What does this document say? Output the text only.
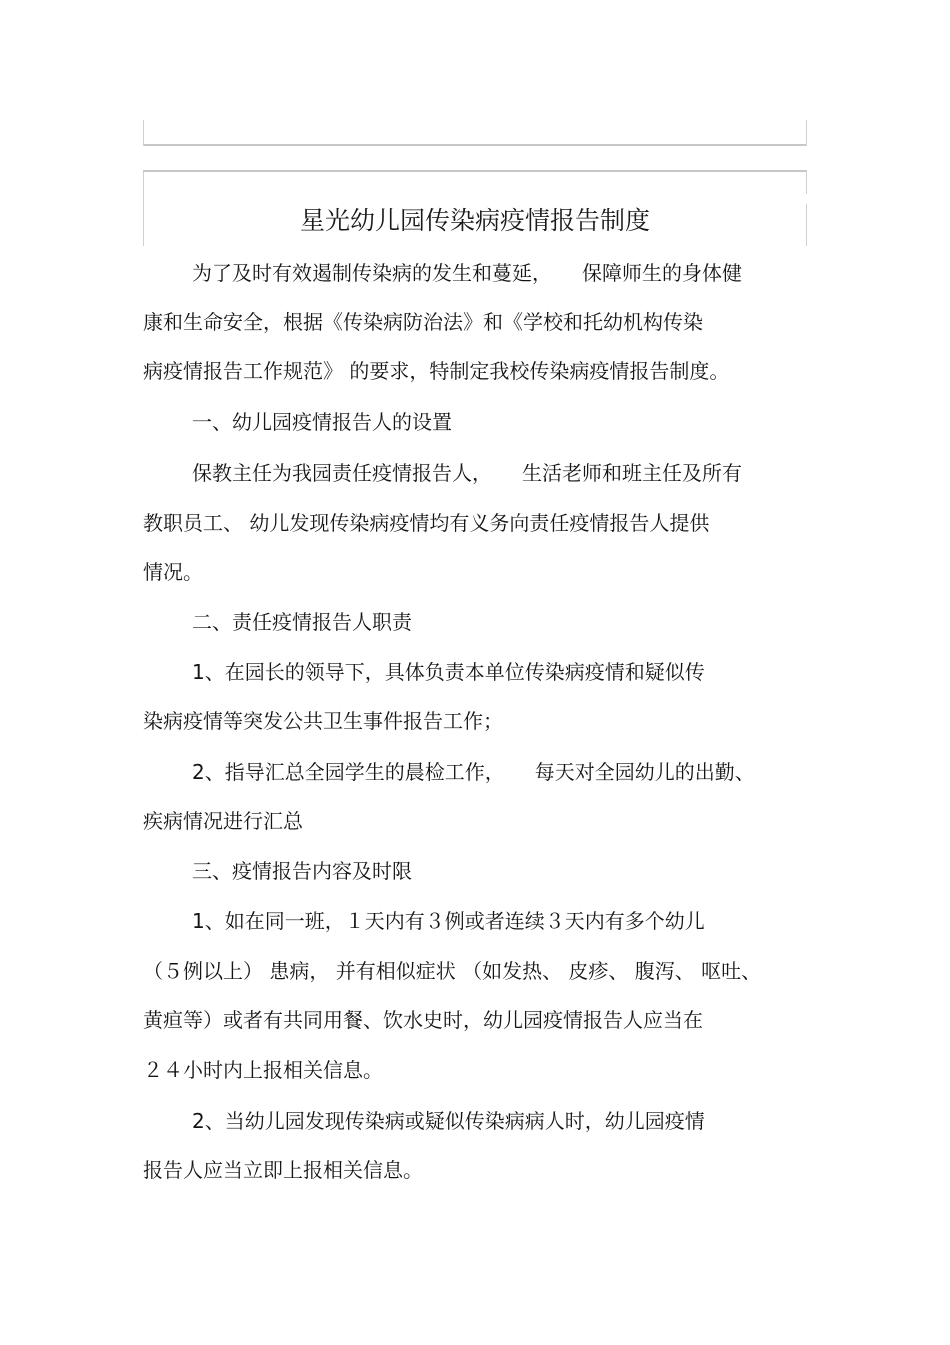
星光幼儿园传染病疫情报告制度
为了及时有效遏制传染病的发生和蔓延，　　保障师生的身体健
康和生命安全，根据《传染病防治法》和《学校和托幼机构传染
病疫情报告工作规范》 的要求，特制定我校传染病疫情报告制度。
一、幼儿园疫情报告人的设置
保教主任为我园责任疫情报告人，　　生活老师和班主任及所有
教职员工、 幼儿发现传染病疫情均有义务向责任疫情报告人提供
情况。
二、责任疫情报告人职责
1、在园长的领导下，具体负责本单位传染病疫情和疑似传
染病疫情等突发公共卫生事件报告工作；
2、指导汇总全园学生的晨检工作，　　每天对全园幼儿的出勤、
疾病情况进行汇总
三、疫情报告内容及时限
1、如在同一班，１天内有３例或者连续３天内有多个幼儿
（５例以上） 患病， 并有相似症状 （如发热、 皮疹、 腹泻、 呕吐、
黄疸等）或者有共同用餐、饮水史时，幼儿园疫情报告人应当在
２４小时内上报相关信息。
2、当幼儿园发现传染病或疑似传染病病人时，幼儿园疫情
报告人应当立即上报相关信息。
